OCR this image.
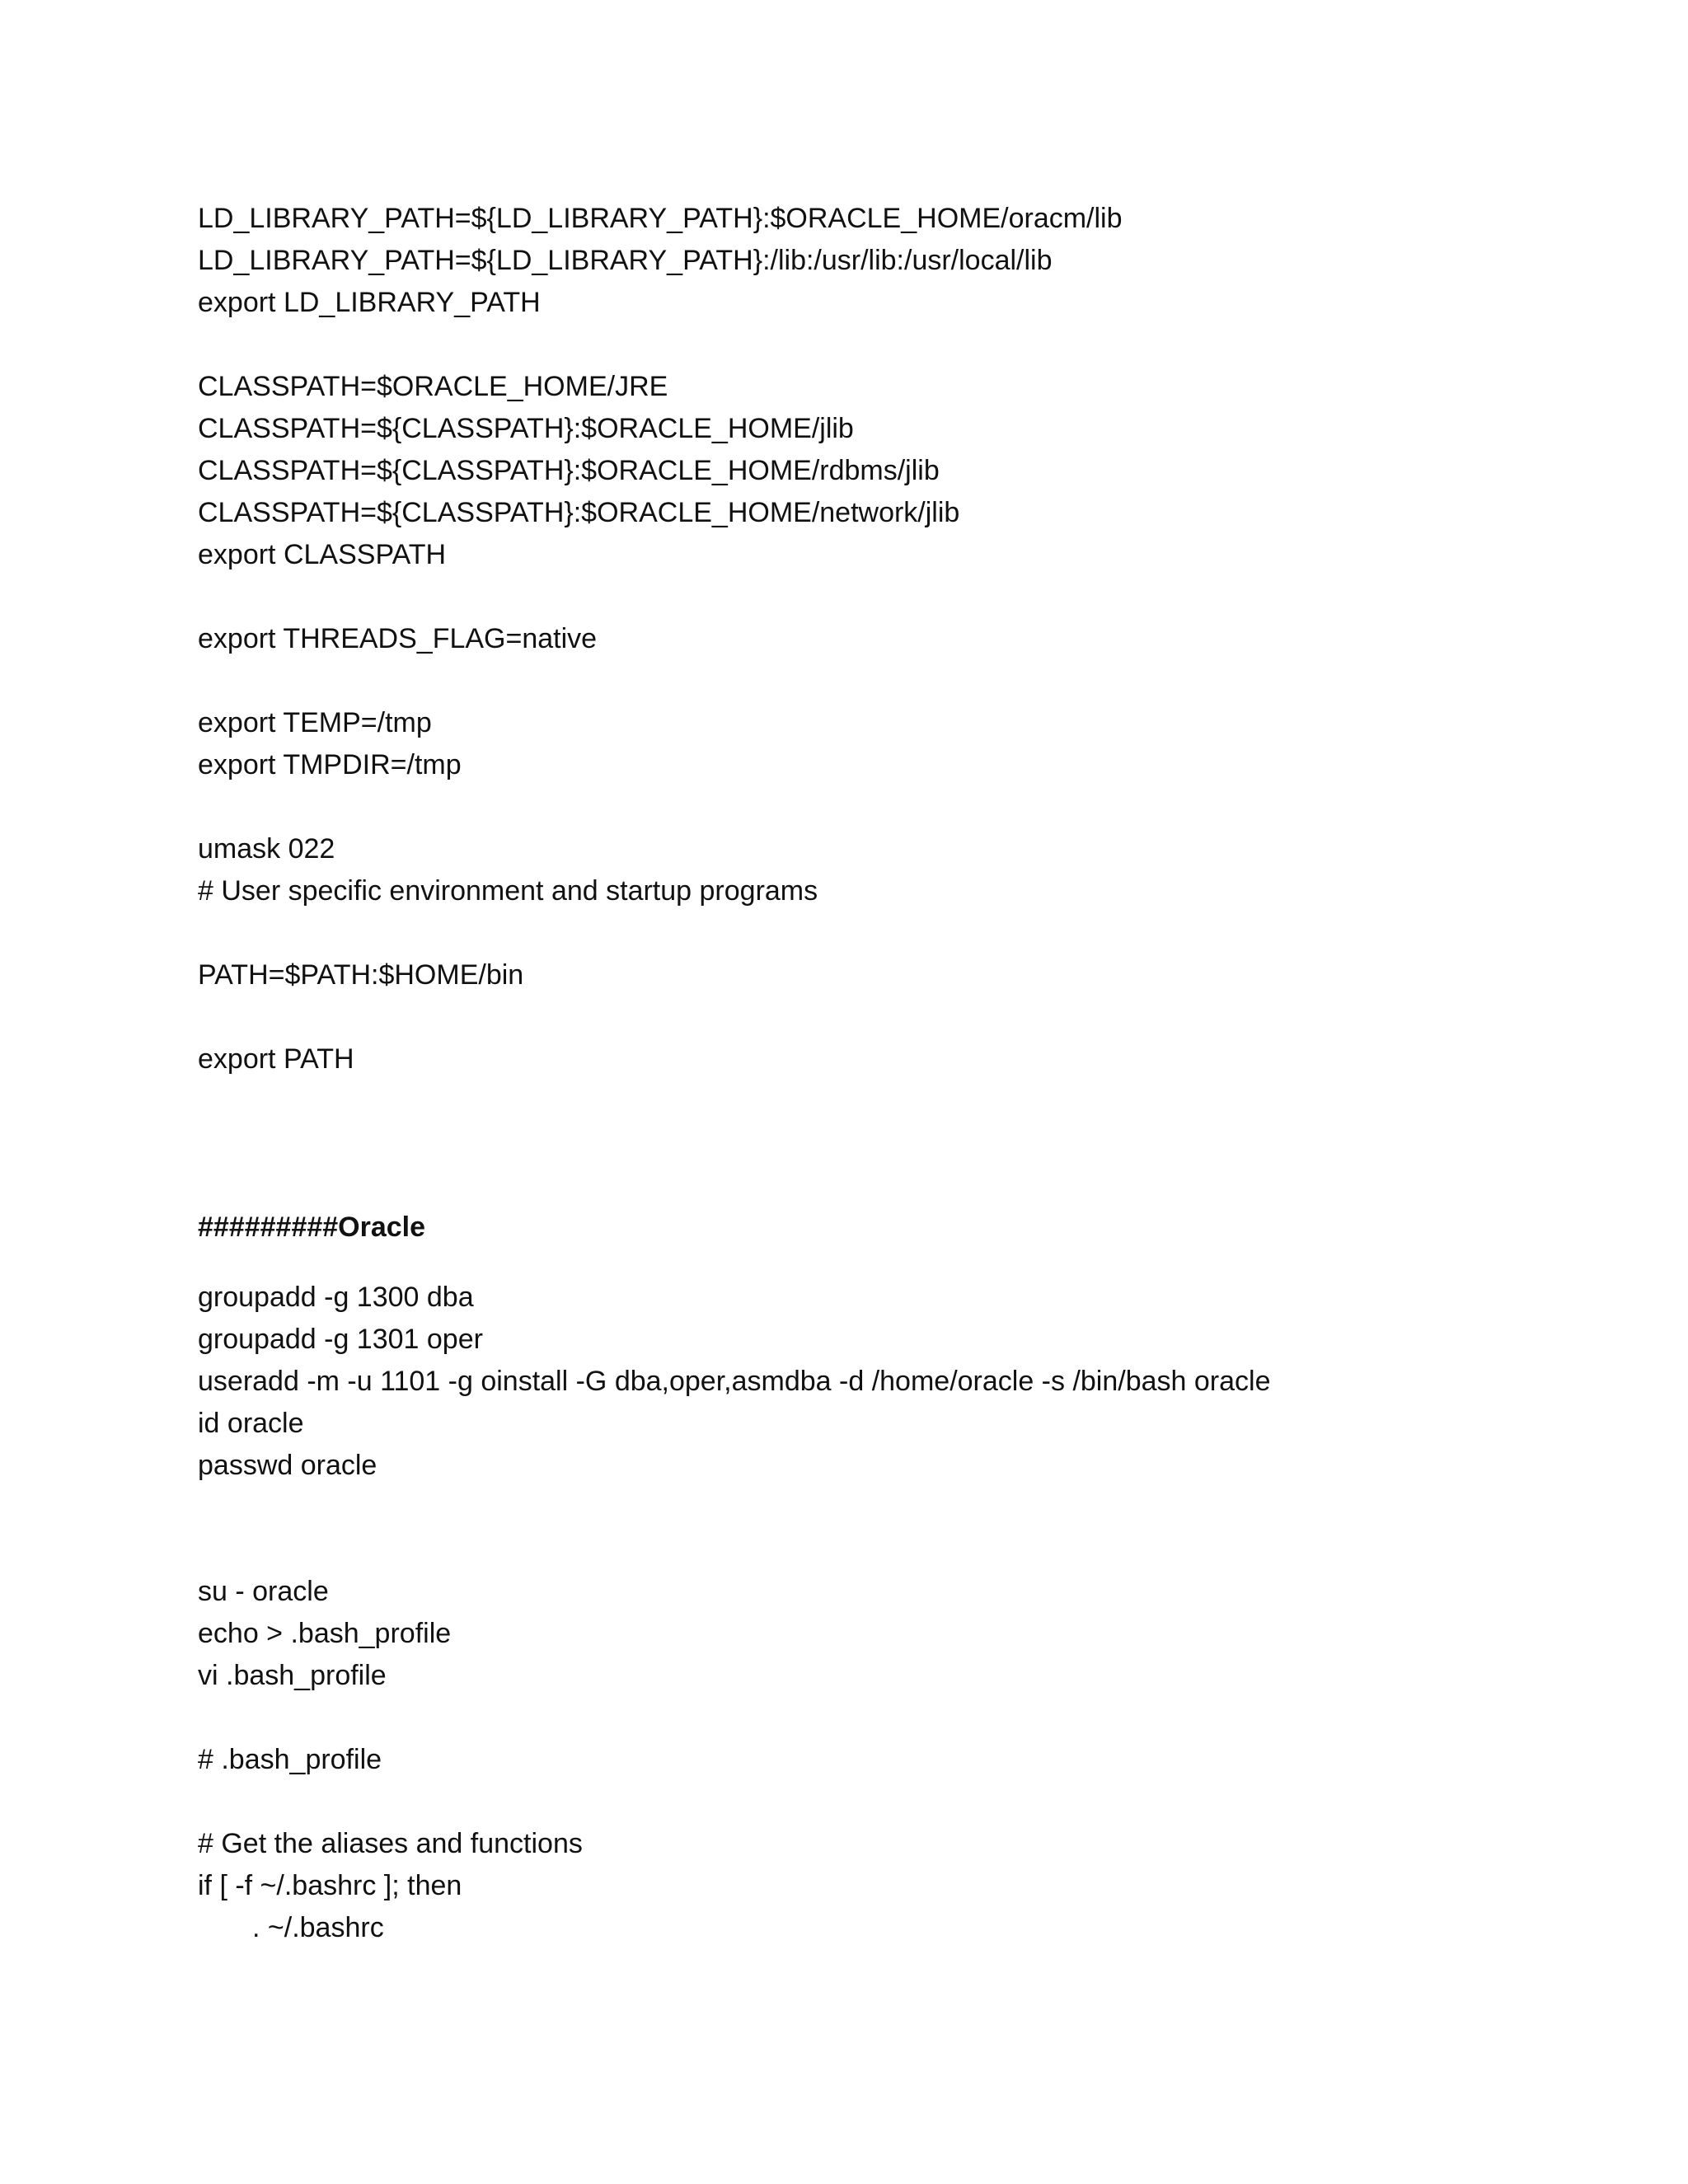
LD_LIBRARY_PATH=${LD_LIBRARY_PATH}:$ORACLE_HOME/oracm/lib
LD_LIBRARY_PATH=${LD_LIBRARY_PATH}:/lib:/usr/lib:/usr/local/lib
export LD_LIBRARY_PATH
CLASSPATH=$ORACLE_HOME/JRE
CLASSPATH=${CLASSPATH}:$ORACLE_HOME/jlib
CLASSPATH=${CLASSPATH}:$ORACLE_HOME/rdbms/jlib
CLASSPATH=${CLASSPATH}:$ORACLE_HOME/network/jlib
export CLASSPATH
export THREADS_FLAG=native
export TEMP=/tmp
export TMPDIR=/tmp
umask 022
# User specific environment and startup programs
PATH=$PATH:$HOME/bin
export PATH
#########Oracle
groupadd -g 1300 dba
groupadd -g 1301 oper
useradd -m -u 1101 -g oinstall -G dba,oper,asmdba -d /home/oracle -s /bin/bash oracle
id oracle
passwd oracle
su - oracle
echo > .bash_profile
vi .bash_profile
# .bash_profile
# Get the aliases and functions
if [ -f ~/.bashrc ]; then
. ~/.bashrc
